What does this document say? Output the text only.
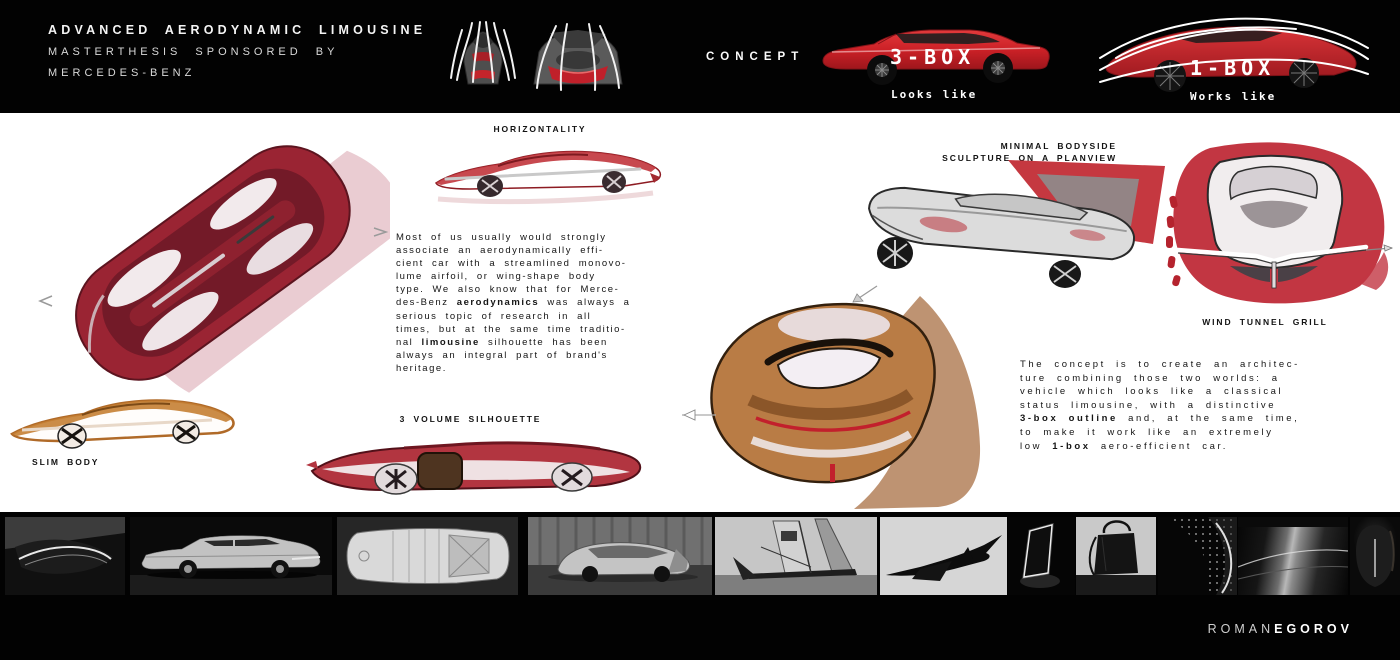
ADVANCED AERODYNAMIC LIMOUSINE
MASTERTHESIS SPONSORED BY
MERCEDES-BENZ
CONCEPT	3-BOX
Looks like
1-BOX
Works like
HORIZONTALITY
Most of us usually would strongly
associate an aerodynamically effi-
cient car with a streamlined monovo-
lume airfoil, or wing-shape body
type. We also know that for Merce-
des-Benz aerodynamics was always a
serious topic of research in all
times, but at the same time traditio-
nal limousine silhouette has been
always an integral part of brand's
heritage.
MINIMAL BODYSIDE
SCULPTURE ON A PLANVIEW
WIND TUNNEL GRILL
The concept is to create an architec-
ture combining those two worlds: a
vehicle which looks like a classical
status limousine, with a distinctive
3-box outline and, at the same time,
to make it work like an extremely
low 1-box aero-efficient car.
SLIM BODY
3 VOLUME SILHOUETTE
ROMANEGOROV
